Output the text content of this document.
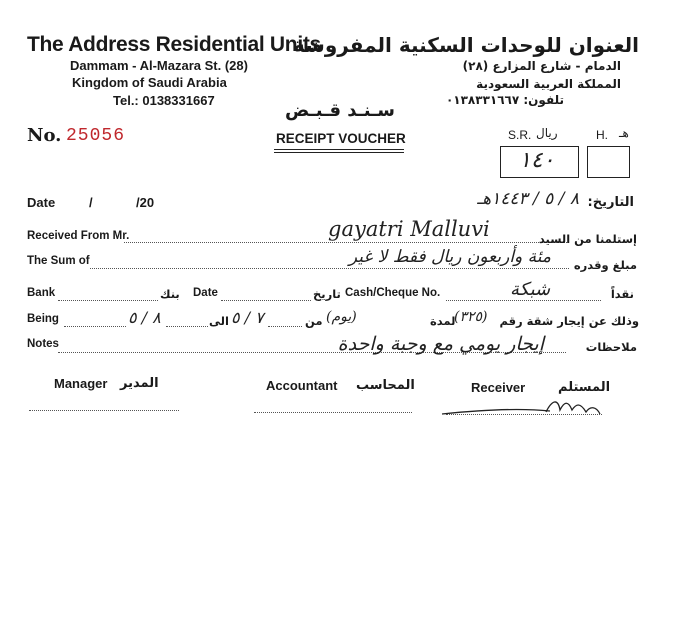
The Address Residential Units
Dammam - Al-Mazara St. (28)
Kingdom of Saudi Arabia
Tel.: 0138331667
العنوان للوحدات السكنية المفروشة
الدمام - شارع المزارع (٢٨)
المملكة العربية السعودية
تلفون: ٠١٣٨٣٣١٦٦٧
سـنـد قـبـض
RECEIPT VOUCHER
No. 25056	S.R. ريال	H. هـ
١٤٠
Date	/	/20	التاريخ:
٨ / ٥ / ١٤٤٣هـ
Received From Mr.	gayatri Malluvi	إستلمنا من السيد
The Sum of	مئة وأربعون ريال فقط لا غير مبلغ وقدره
Bank	بنك Date	تاريخ Cash/Cheque No.	شبكة	نقداً
Being	٨ / ٥	الى ٧ / ٥	من (يوم)	لمدة
(٣٢٥) وذلك عن إيجار شقة رقم
Notes	إيجار يومي مع وجبة واحدة	ملاحظات
Manager المدير	Accountant المحاسب	Receiver	المستلم
